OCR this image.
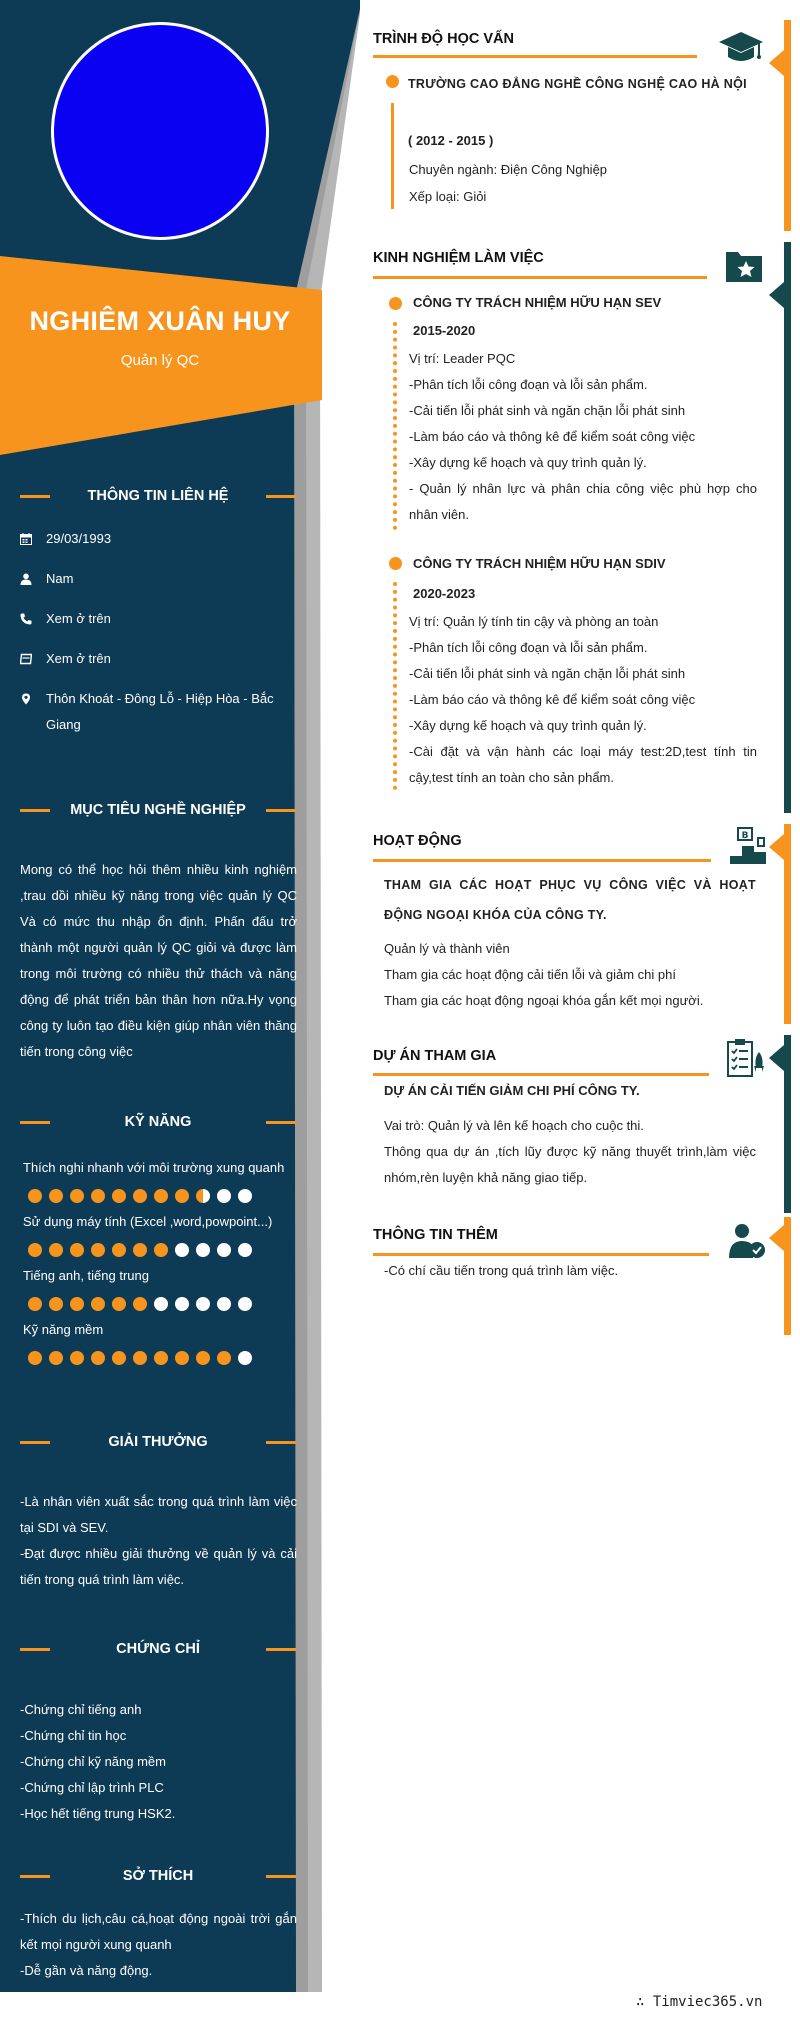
NGHIÊM XUÂN HUY
Quản lý QC
THÔNG TIN LIÊN HỆ
29/03/1993
Nam
Xem ở trên
Xem ở trên
Thôn Khoát - Đông Lỗ - Hiệp Hòa - Bắc Giang
MỤC TIÊU NGHỀ NGHIỆP
Mong có thể học hỏi thêm nhiều kinh nghiệm ,trau dồi nhiều kỹ năng trong việc quản lý QC Và có mức thu nhập ổn định. Phấn đấu trở thành một người quản lý QC giỏi và được làm trong môi trường có nhiều thử thách và năng động để phát triển bản thân hơn nữa.Hy vọng công ty luôn tạo điều kiện giúp nhân viên thăng tiến trong công việc
KỸ NĂNG
Thích nghi nhanh với môi trường xung quanh
Sử dụng máy tính (Excel ,word,powpoint...)
Tiếng anh, tiếng trung
Kỹ năng mềm
GIẢI THƯỞNG
-Là nhân viên xuất sắc trong quá trình làm việc tại SDI và SEV.
-Đạt được nhiều giải thưởng về quản lý và cải tiến trong quá trình làm việc.
CHỨNG CHỈ
-Chứng chỉ tiếng anh
-Chứng chỉ tin học
-Chứng chỉ kỹ năng mềm
-Chứng chỉ lập trình PLC
-Học hết tiếng trung HSK2.
SỞ THÍCH
-Thích du lịch,câu cá,hoạt động ngoài trời gắn kết mọi người xung quanh
-Dễ gần và năng động.
TRÌNH ĐỘ HỌC VẤN
TRƯỜNG CAO ĐẲNG NGHỀ CÔNG NGHỆ CAO HÀ NỘI
( 2012 - 2015 )
Chuyên ngành: Điện Công Nghiệp
Xếp loại: Giỏi
KINH NGHIỆM LÀM VIỆC
CÔNG TY TRÁCH NHIỆM HỮU HẠN SEV
2015-2020
Vị trí: Leader PQC
-Phân tích lỗi công đoạn và lỗi sản phẩm.
-Cải tiến lỗi phát sinh và ngăn chặn lỗi phát sinh
-Làm báo cáo và thông kê để kiểm soát công việc
-Xây dựng kế hoạch và quy trình quản lý.
- Quản lý nhân lực và phân chia công việc phù hợp cho nhân viên.
CÔNG TY TRÁCH NHIỆM HỮU HẠN SDIV
2020-2023
Vị trí: Quản lý tính tin cậy và phòng an toàn
-Phân tích lỗi công đoạn và lỗi sản phẩm.
-Cải tiến lỗi phát sinh và ngăn chặn lỗi phát sinh
-Làm báo cáo và thông kê để kiểm soát công việc
-Xây dựng kế hoạch và quy trình quản lý.
-Cài đặt và vận hành các loại máy test:2D,test tính tin cậy,test tính an toàn cho sản phẩm.
HOẠT ĐỘNG	B
THAM GIA CÁC HOẠT PHỤC VỤ CÔNG VIỆC VÀ HOẠT ĐỘNG NGOẠI KHÓA CỦA CÔNG TY.
Quản lý và thành viên
Tham gia các hoạt động cải tiến lỗi và giảm chi phí
Tham gia các hoạt động ngoại khóa gắn kết mọi người.
DỰ ÁN THAM GIA
DỰ ÁN CẢI TIẾN GIẢM CHI PHÍ CÔNG TY.
Vai trò: Quản lý và lên kế hoạch cho cuộc thi.
Thông qua dự án ,tích lũy được kỹ năng thuyết trình,làm việc nhóm,rèn luyện khả năng giao tiếp.
THÔNG TIN THÊM
-Có chí cầu tiến trong quá trình làm việc.
∴ Timviec365.vn
